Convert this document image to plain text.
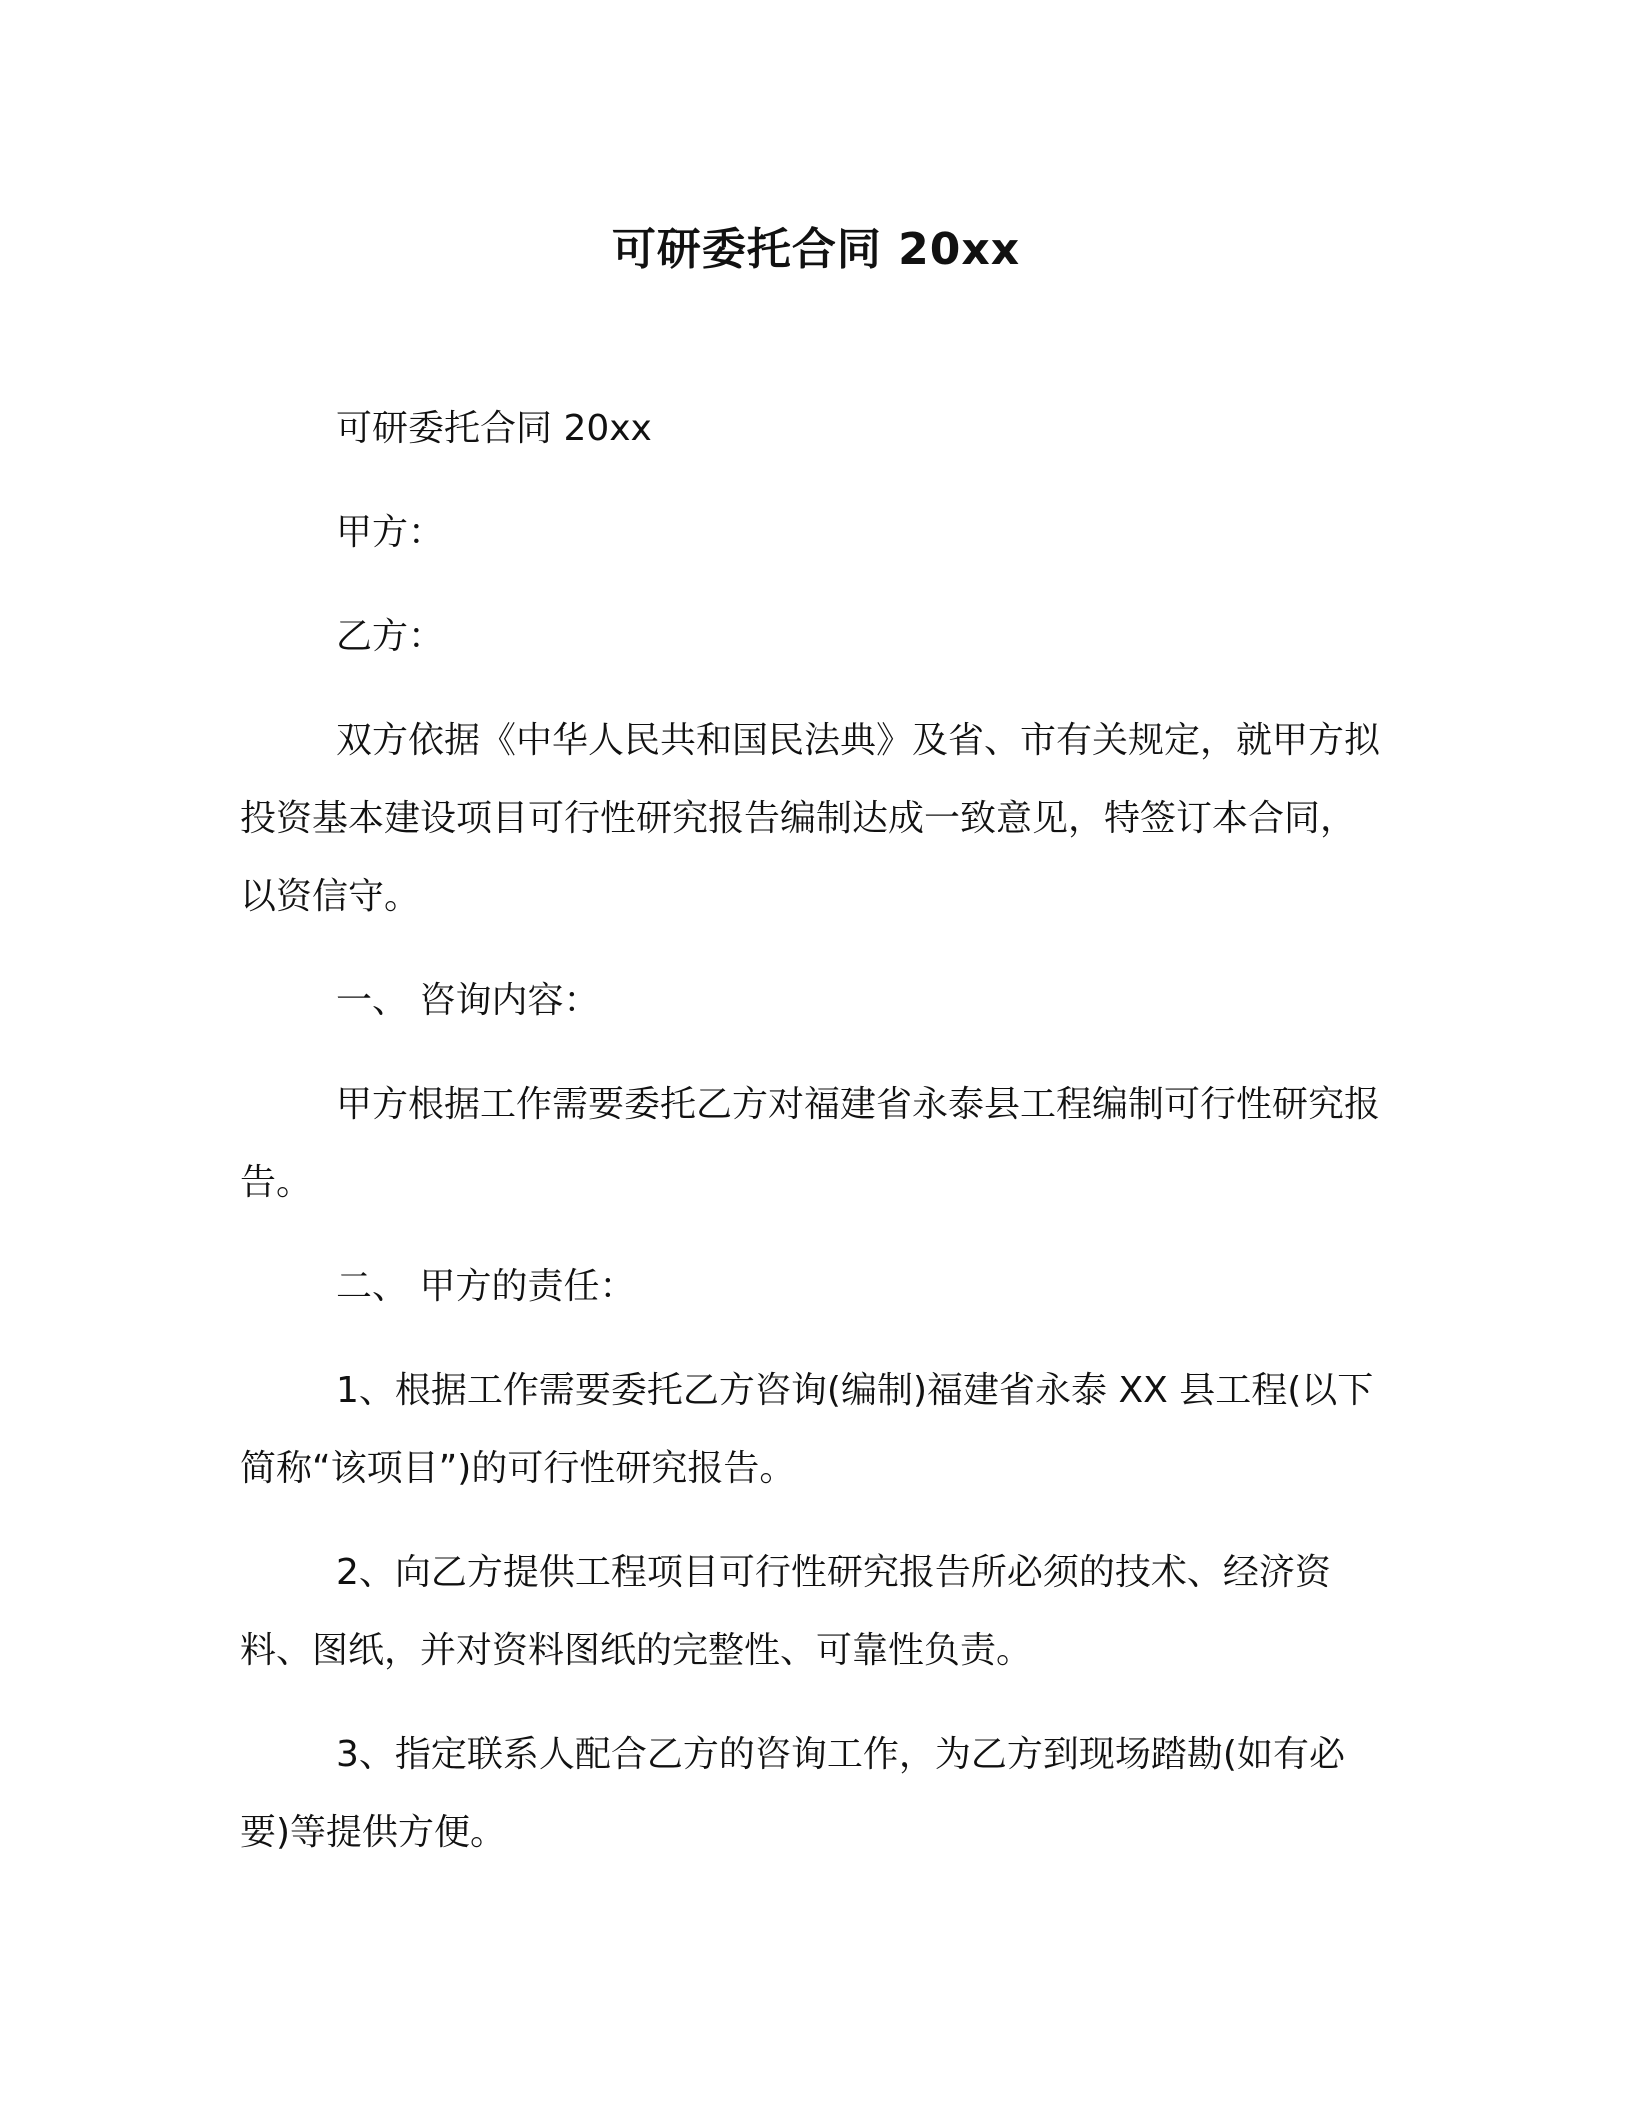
可研委托合同 20xx

可研委托合同 20xx

甲方：

乙方：

双方依据《中华人民共和国民法典》及省、市有关规定，就甲方拟投资基本建设项目可行性研究报告编制达成一致意见，特签订本合同，以资信守。

一、 咨询内容：

甲方根据工作需要委托乙方对福建省永泰县工程编制可行性研究报告。

二、 甲方的责任：

1、根据工作需要委托乙方咨询(编制)福建省永泰 XX 县工程(以下简称“该项目”)的可行性研究报告。

2、向乙方提供工程项目可行性研究报告所必须的技术、经济资料、图纸，并对资料图纸的完整性、可靠性负责。

3、指定联系人配合乙方的咨询工作，为乙方到现场踏勘(如有必要)等提供方便。
